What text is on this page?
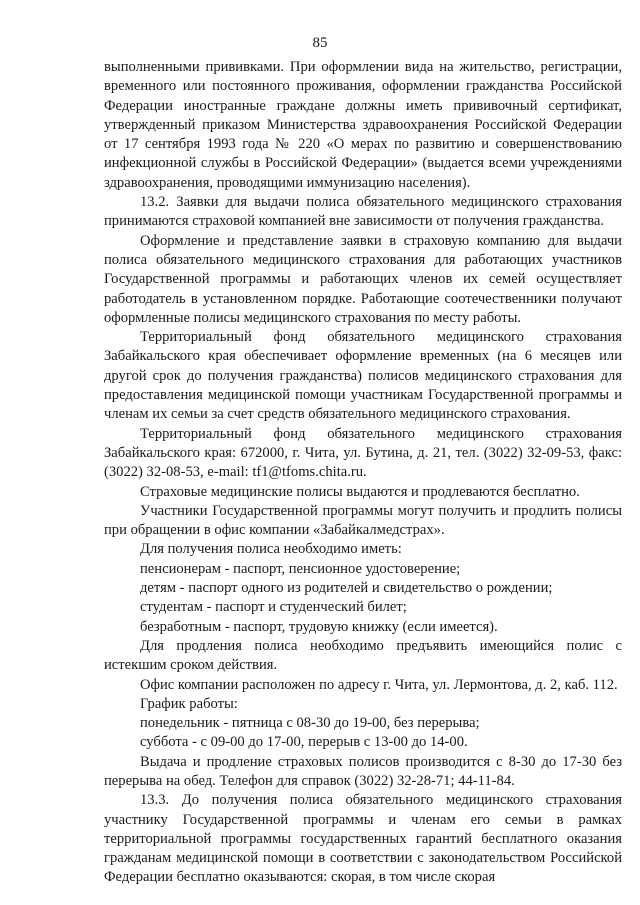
85

выполненными прививками. При оформлении вида на жительство, регистрации, временного или постоянного проживания, оформлении гражданства Российской Федерации иностранные граждане должны иметь прививочный сертификат, утвержденный приказом Министерства здравоохранения Российской Федерации от 17 сентября 1993 года № 220 «О мерах по развитию и совершенствованию инфекционной службы в Российской Федерации» (выдается всеми учреждениями здравоохранения, проводящими иммунизацию населения).

13.2. Заявки для выдачи полиса обязательного медицинского страхования принимаются страховой компанией вне зависимости от получения гражданства.

Оформление и представление заявки в страховую компанию для выдачи полиса обязательного медицинского страхования для работающих участников Государственной программы и работающих членов их семей осуществляет работодатель в установленном порядке. Работающие соотечественники получают оформленные полисы медицинского страхования по месту работы.

Территориальный фонд обязательного медицинского страхования Забайкальского края обеспечивает оформление временных (на 6 месяцев или другой срок до получения гражданства) полисов медицинского страхования для предоставления медицинской помощи участникам Государственной программы и членам их семьи за счет средств обязательного медицинского страхования.

Территориальный фонд обязательного медицинского страхования Забайкальского края: 672000, г. Чита, ул. Бутина, д. 21, тел. (3022) 32-09-53, факс: (3022) 32-08-53, e-mail: tf1@tfoms.chita.ru.

Страховые медицинские полисы выдаются и продлеваются бесплатно.

Участники Государственной программы могут получить и продлить полисы при обращении в офис компании «Забайкалмедстрах».

Для получения полиса необходимо иметь:

пенсионерам - паспорт, пенсионное удостоверение;

детям - паспорт одного из родителей и свидетельство о рождении;

студентам - паспорт и студенческий билет;

безработным - паспорт, трудовую книжку (если имеется).

Для продления полиса необходимо предъявить имеющийся полис с истекшим сроком действия.

Офис компании расположен по адресу г. Чита, ул. Лермонтова, д. 2, каб. 112.

График работы:

понедельник - пятница с 08-30 до 19-00, без перерыва;

суббота - с 09-00 до 17-00, перерыв с 13-00 до 14-00.

Выдача и продление страховых полисов производится с 8-30 до 17-30 без перерыва на обед. Телефон для справок (3022) 32-28-71; 44-11-84.

13.3. До получения полиса обязательного медицинского страхования участнику Государственной программы и членам его семьи в рамках территориальной программы государственных гарантий бесплатного оказания гражданам медицинской помощи в соответствии с законодательством Российской Федерации бесплатно оказываются: скорая, в том числе скорая
